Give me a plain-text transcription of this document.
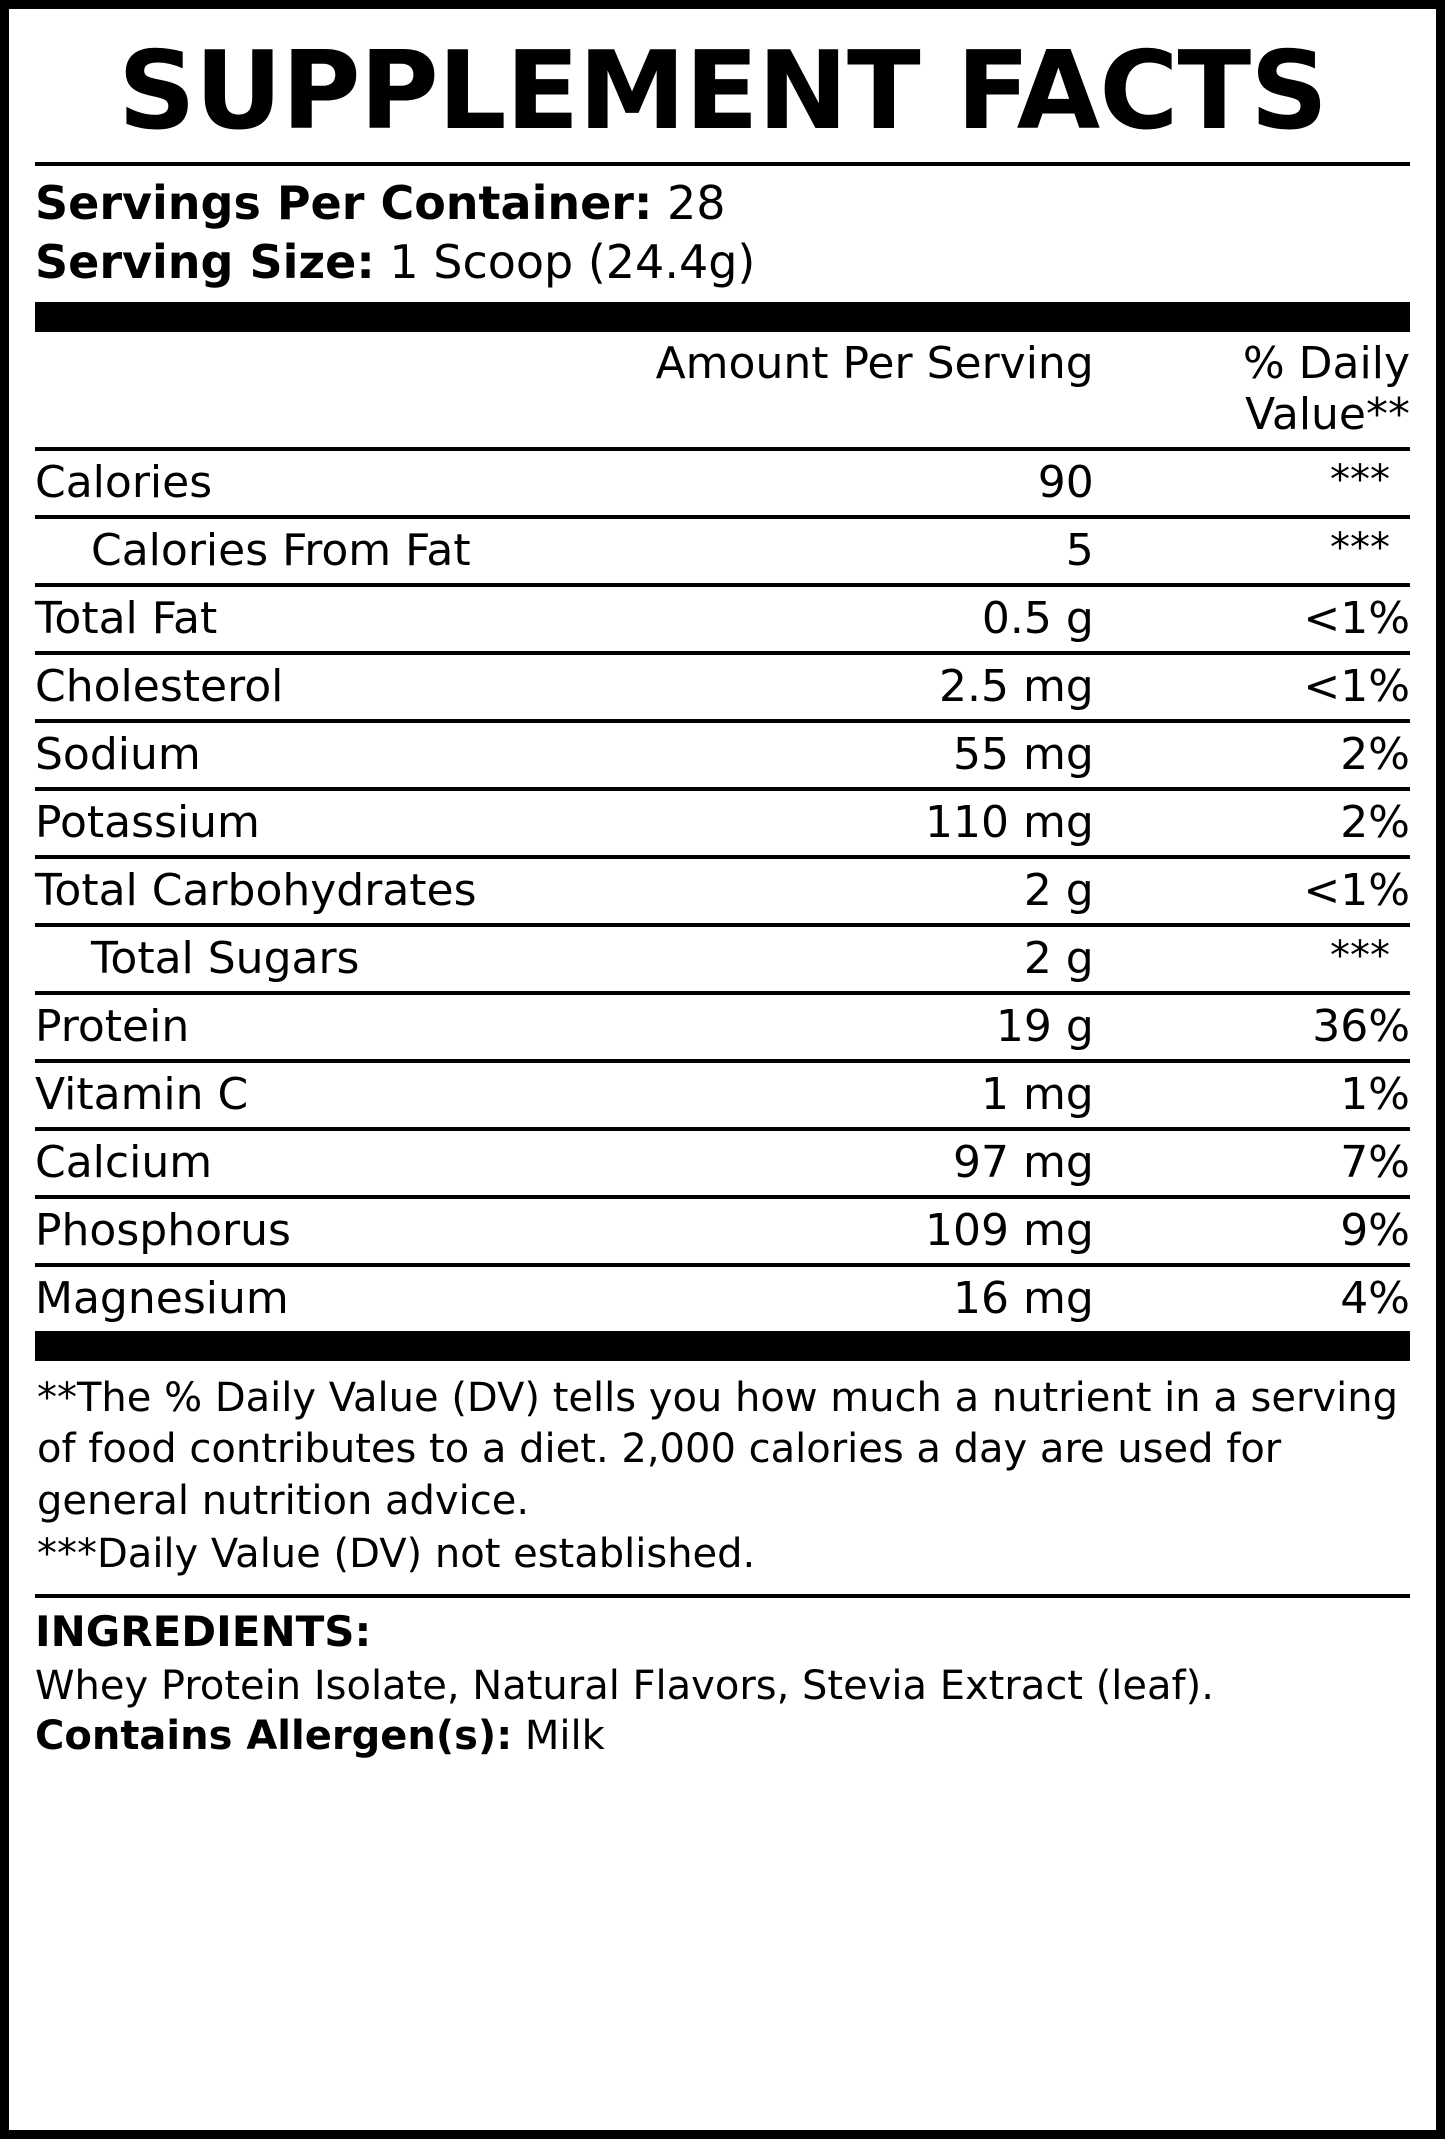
SUPPLEMENT FACTS
Servings Per Container: 28
Serving Size: 1 Scoop (24.4g)
	Amount Per Serving	% Daily Value**
Calories	90	***
Calories From Fat	5	***
Total Fat	0.5 g	<1%
Cholesterol	2.5 mg	<1%
Sodium	55 mg	2%
Potassium	110 mg	2%
Total Carbohydrates	2 g	<1%
Total Sugars	2 g	***
Protein	19 g	36%
Vitamin C	1 mg	1%
Calcium	97 mg	7%
Phosphorus	109 mg	9%
Magnesium	16 mg	4%

**The % Daily Value (DV) tells you how much a nutrient in a serving of food contributes to a diet. 2,000 calories a day are used for general nutrition advice.

***Daily Value (DV) not established.

INGREDIENTS:
Whey Protein Isolate, Natural Flavors, Stevia Extract (leaf).
Contains Allergen(s): Milk
